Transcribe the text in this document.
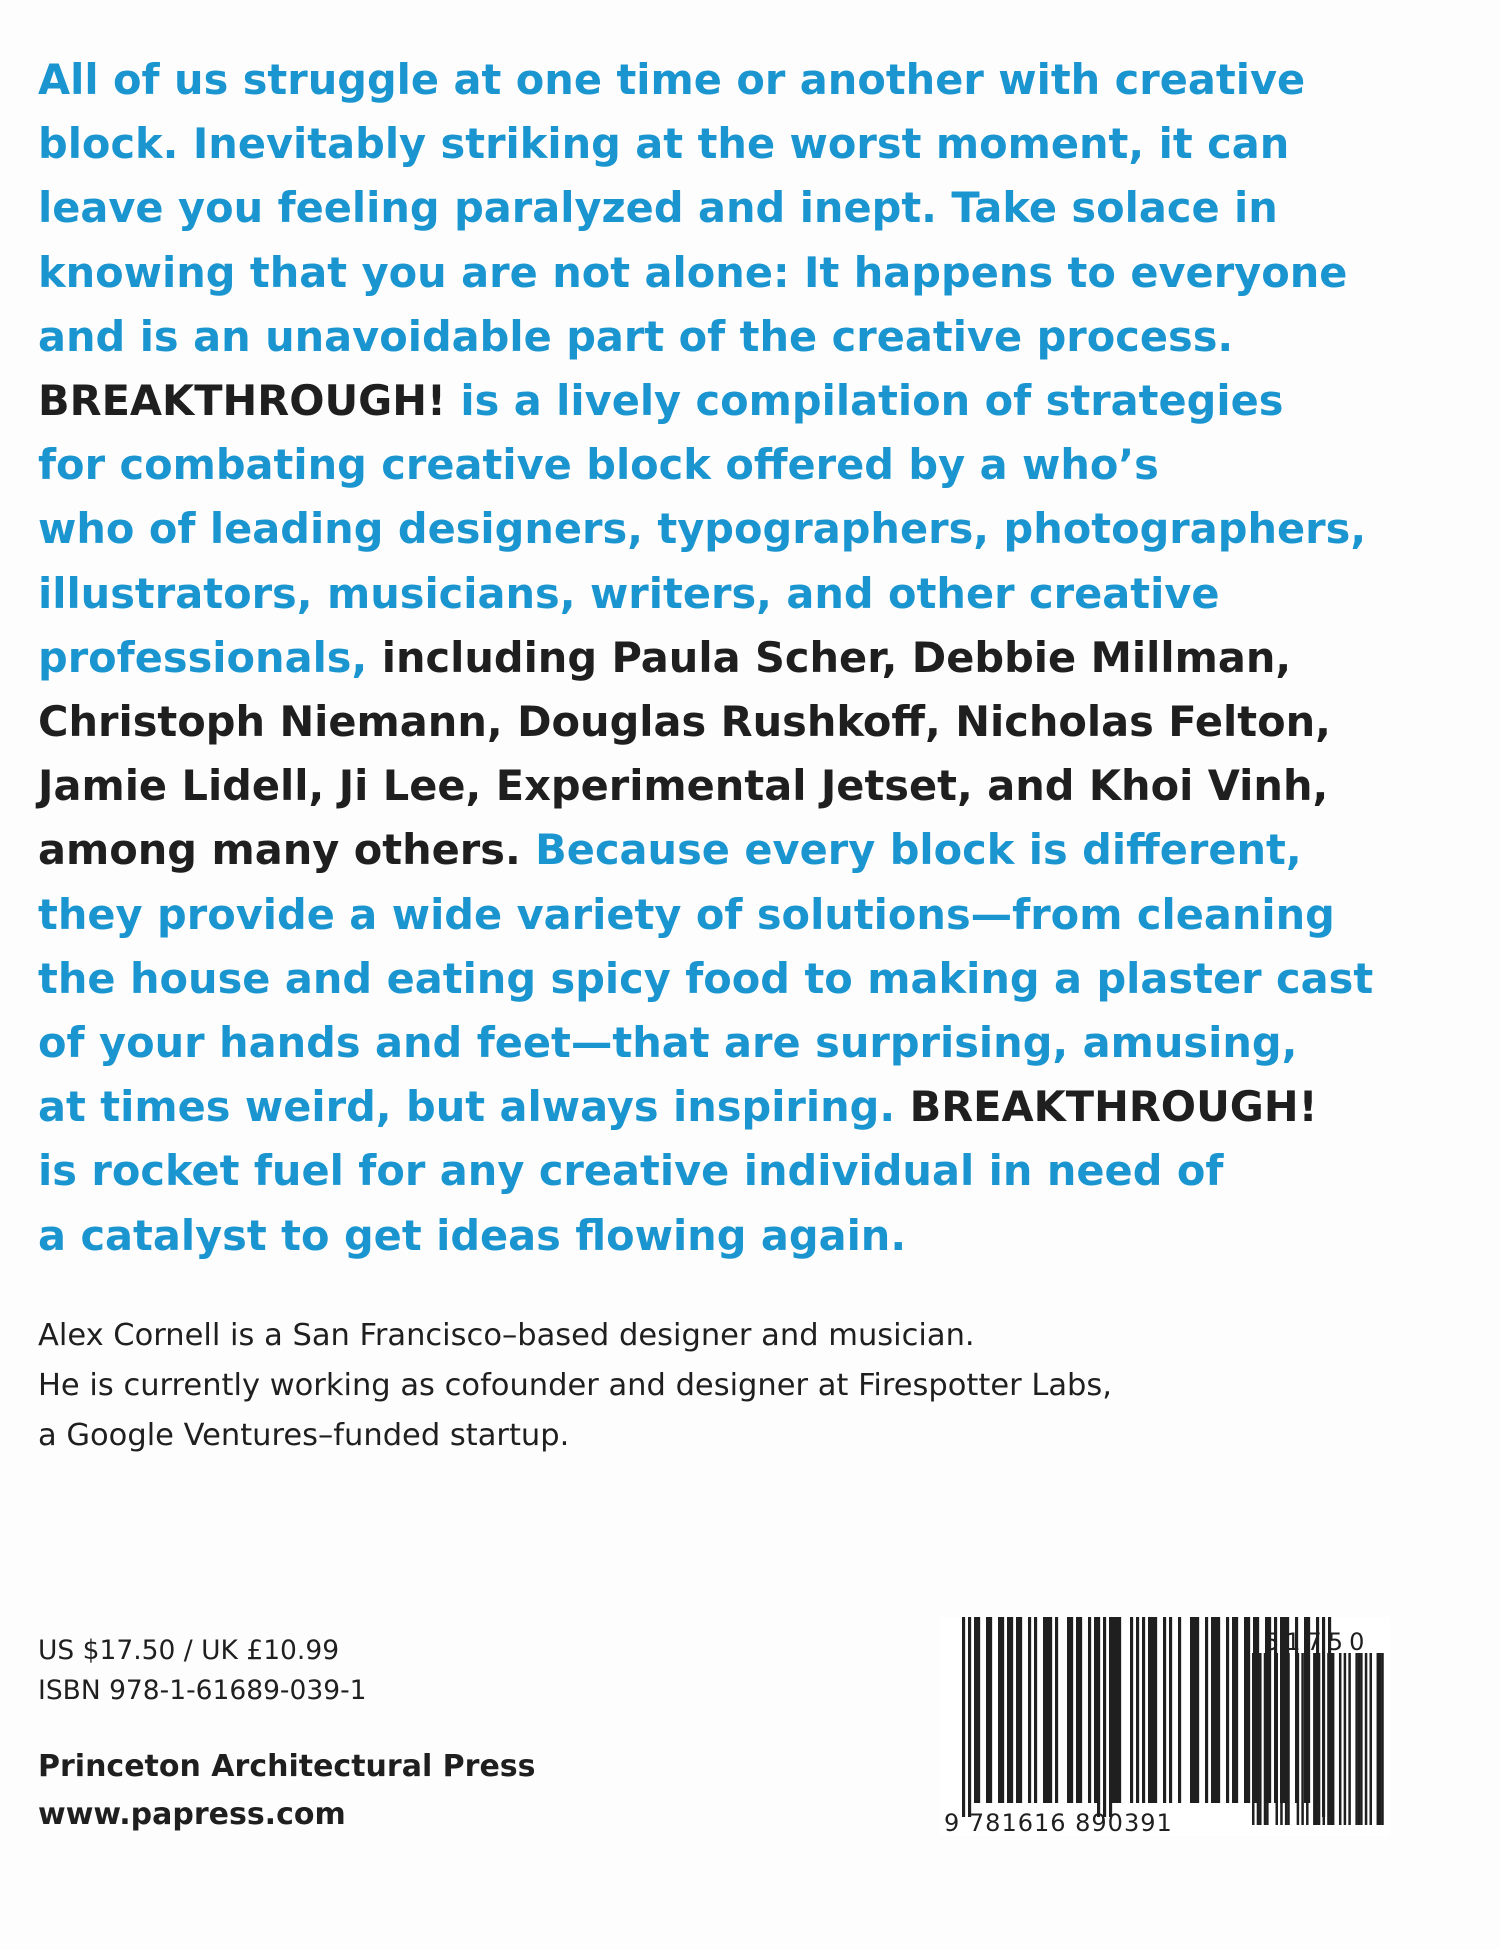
All of us struggle at one time or another with creative
block. Inevitably striking at the worst moment, it can
leave you feeling paralyzed and inept. Take solace in
knowing that you are not alone: It happens to everyone
and is an unavoidable part of the creative process.
BREAKTHROUGH! is a lively compilation of strategies
for combating creative block offered by a who’s
who of leading designers, typographers, photographers,
illustrators, musicians, writers, and other creative
professionals, including Paula Scher, Debbie Millman,
Christoph Niemann, Douglas Rushkoff, Nicholas Felton,
Jamie Lidell, Ji Lee, Experimental Jetset, and Khoi Vinh,
among many others. Because every block is different,
they provide a wide variety of solutions—from cleaning
the house and eating spicy food to making a plaster cast
of your hands and feet—that are surprising, amusing,
at times weird, but always inspiring. BREAKTHROUGH!
is rocket fuel for any creative individual in need of
a catalyst to get ideas flowing again.
Alex Cornell is a San Francisco–based designer and musician.
He is currently working as cofounder and designer at Firespotter Labs,
a Google Ventures–funded startup.
US $17.50 / UK £10.99
ISBN 978-1-61689-039-1
Princeton Architectural Press
www.papress.com	9 781616 890391
51750
